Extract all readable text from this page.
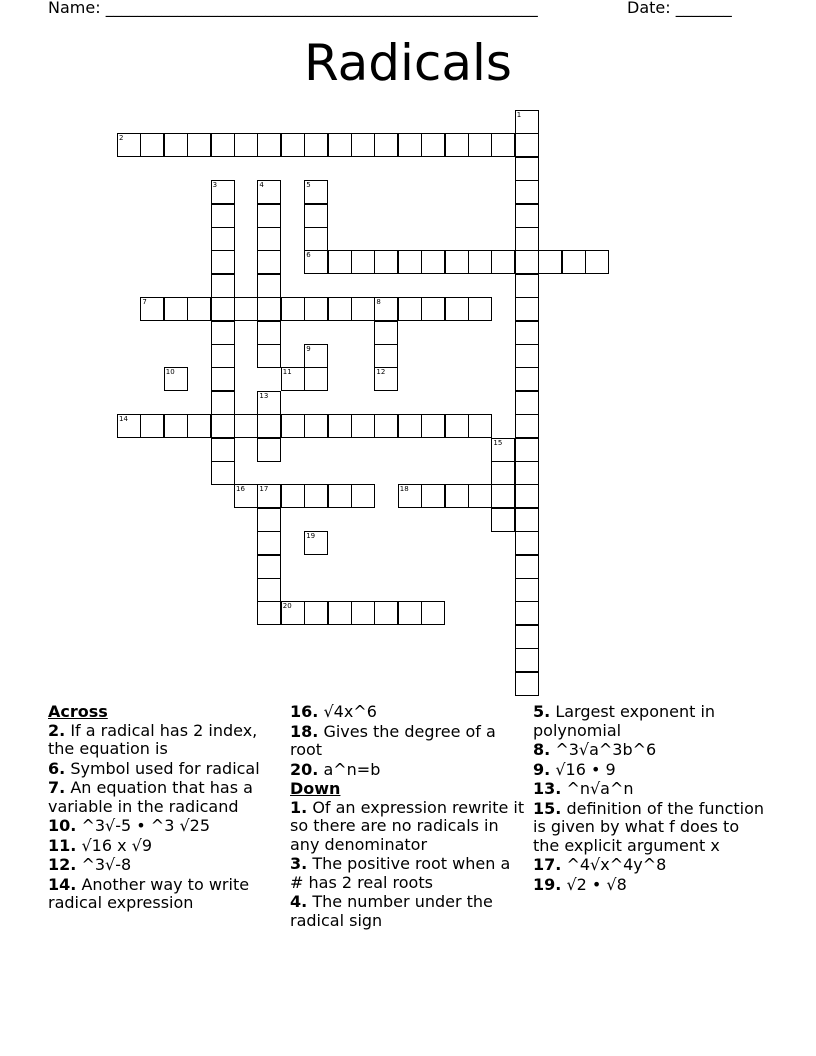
Name: ______________________________________________________	Date: _______
Radicals
1
2
3	4	5
6
7	8
12
9
10	11
13
14
15
16 17	18
19
20
Across
2. If a radical has 2 index, the equation is
6. Symbol used for radical
7. An equation that has a variable in the radicand
10. ^3√-5 • ^3 √25
11. √16 x √9
12. ^3√-8
14. Another way to write radical expression
16. √4x^6
18. Gives the degree of a root
20. a^n=b
Down
1. Of an expression rewrite it so there are no radicals in any denominator
3. The positive root when a # has 2 real roots
4. The number under the radical sign
5. Largest exponent in polynomial
8. ^3√a^3b^6
9. √16 • 9
13. ^n√a^n
15. definition of the function is given by what f does to the explicit argument x
17. ^4√x^4y^8
19. √2 • √8
